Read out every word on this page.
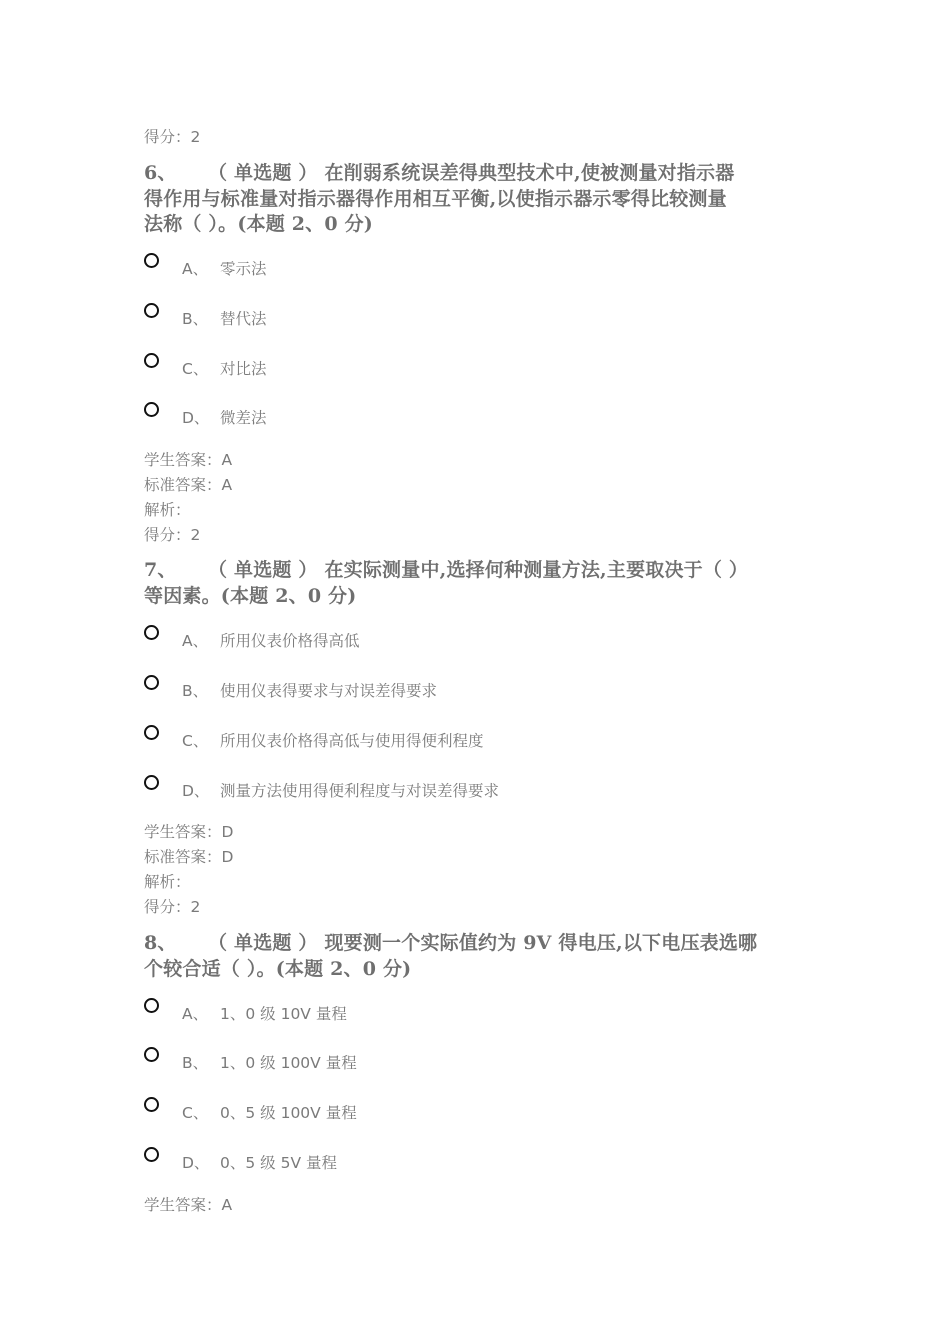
得分：2
6、 （ 单选题 ） 在削弱系统误差得典型技术中,使被测量对指示器
得作用与标准量对指示器得作用相互平衡,以使指示器示零得比较测量
法称（ ）。(本题 2、0 分)
A、 零示法
B、 替代法
C、 对比法
D、 微差法
学生答案：A
标准答案：A
解析：
得分：2
7、 （ 单选题 ） 在实际测量中,选择何种测量方法,主要取决于（ ）
等因素。(本题 2、0 分)
A、 所用仪表价格得高低
B、 使用仪表得要求与对误差得要求
C、 所用仪表价格得高低与使用得便利程度
D、 测量方法使用得便利程度与对误差得要求
学生答案：D
标准答案：D
解析：
得分：2
8、 （ 单选题 ） 现要测一个实际值约为 9V 得电压,以下电压表选哪
个较合适（ ）。(本题 2、0 分)
A、 1、0 级 10V 量程
B、 1、0 级 100V 量程
C、 0、5 级 100V 量程
D、 0、5 级 5V 量程
学生答案：A
